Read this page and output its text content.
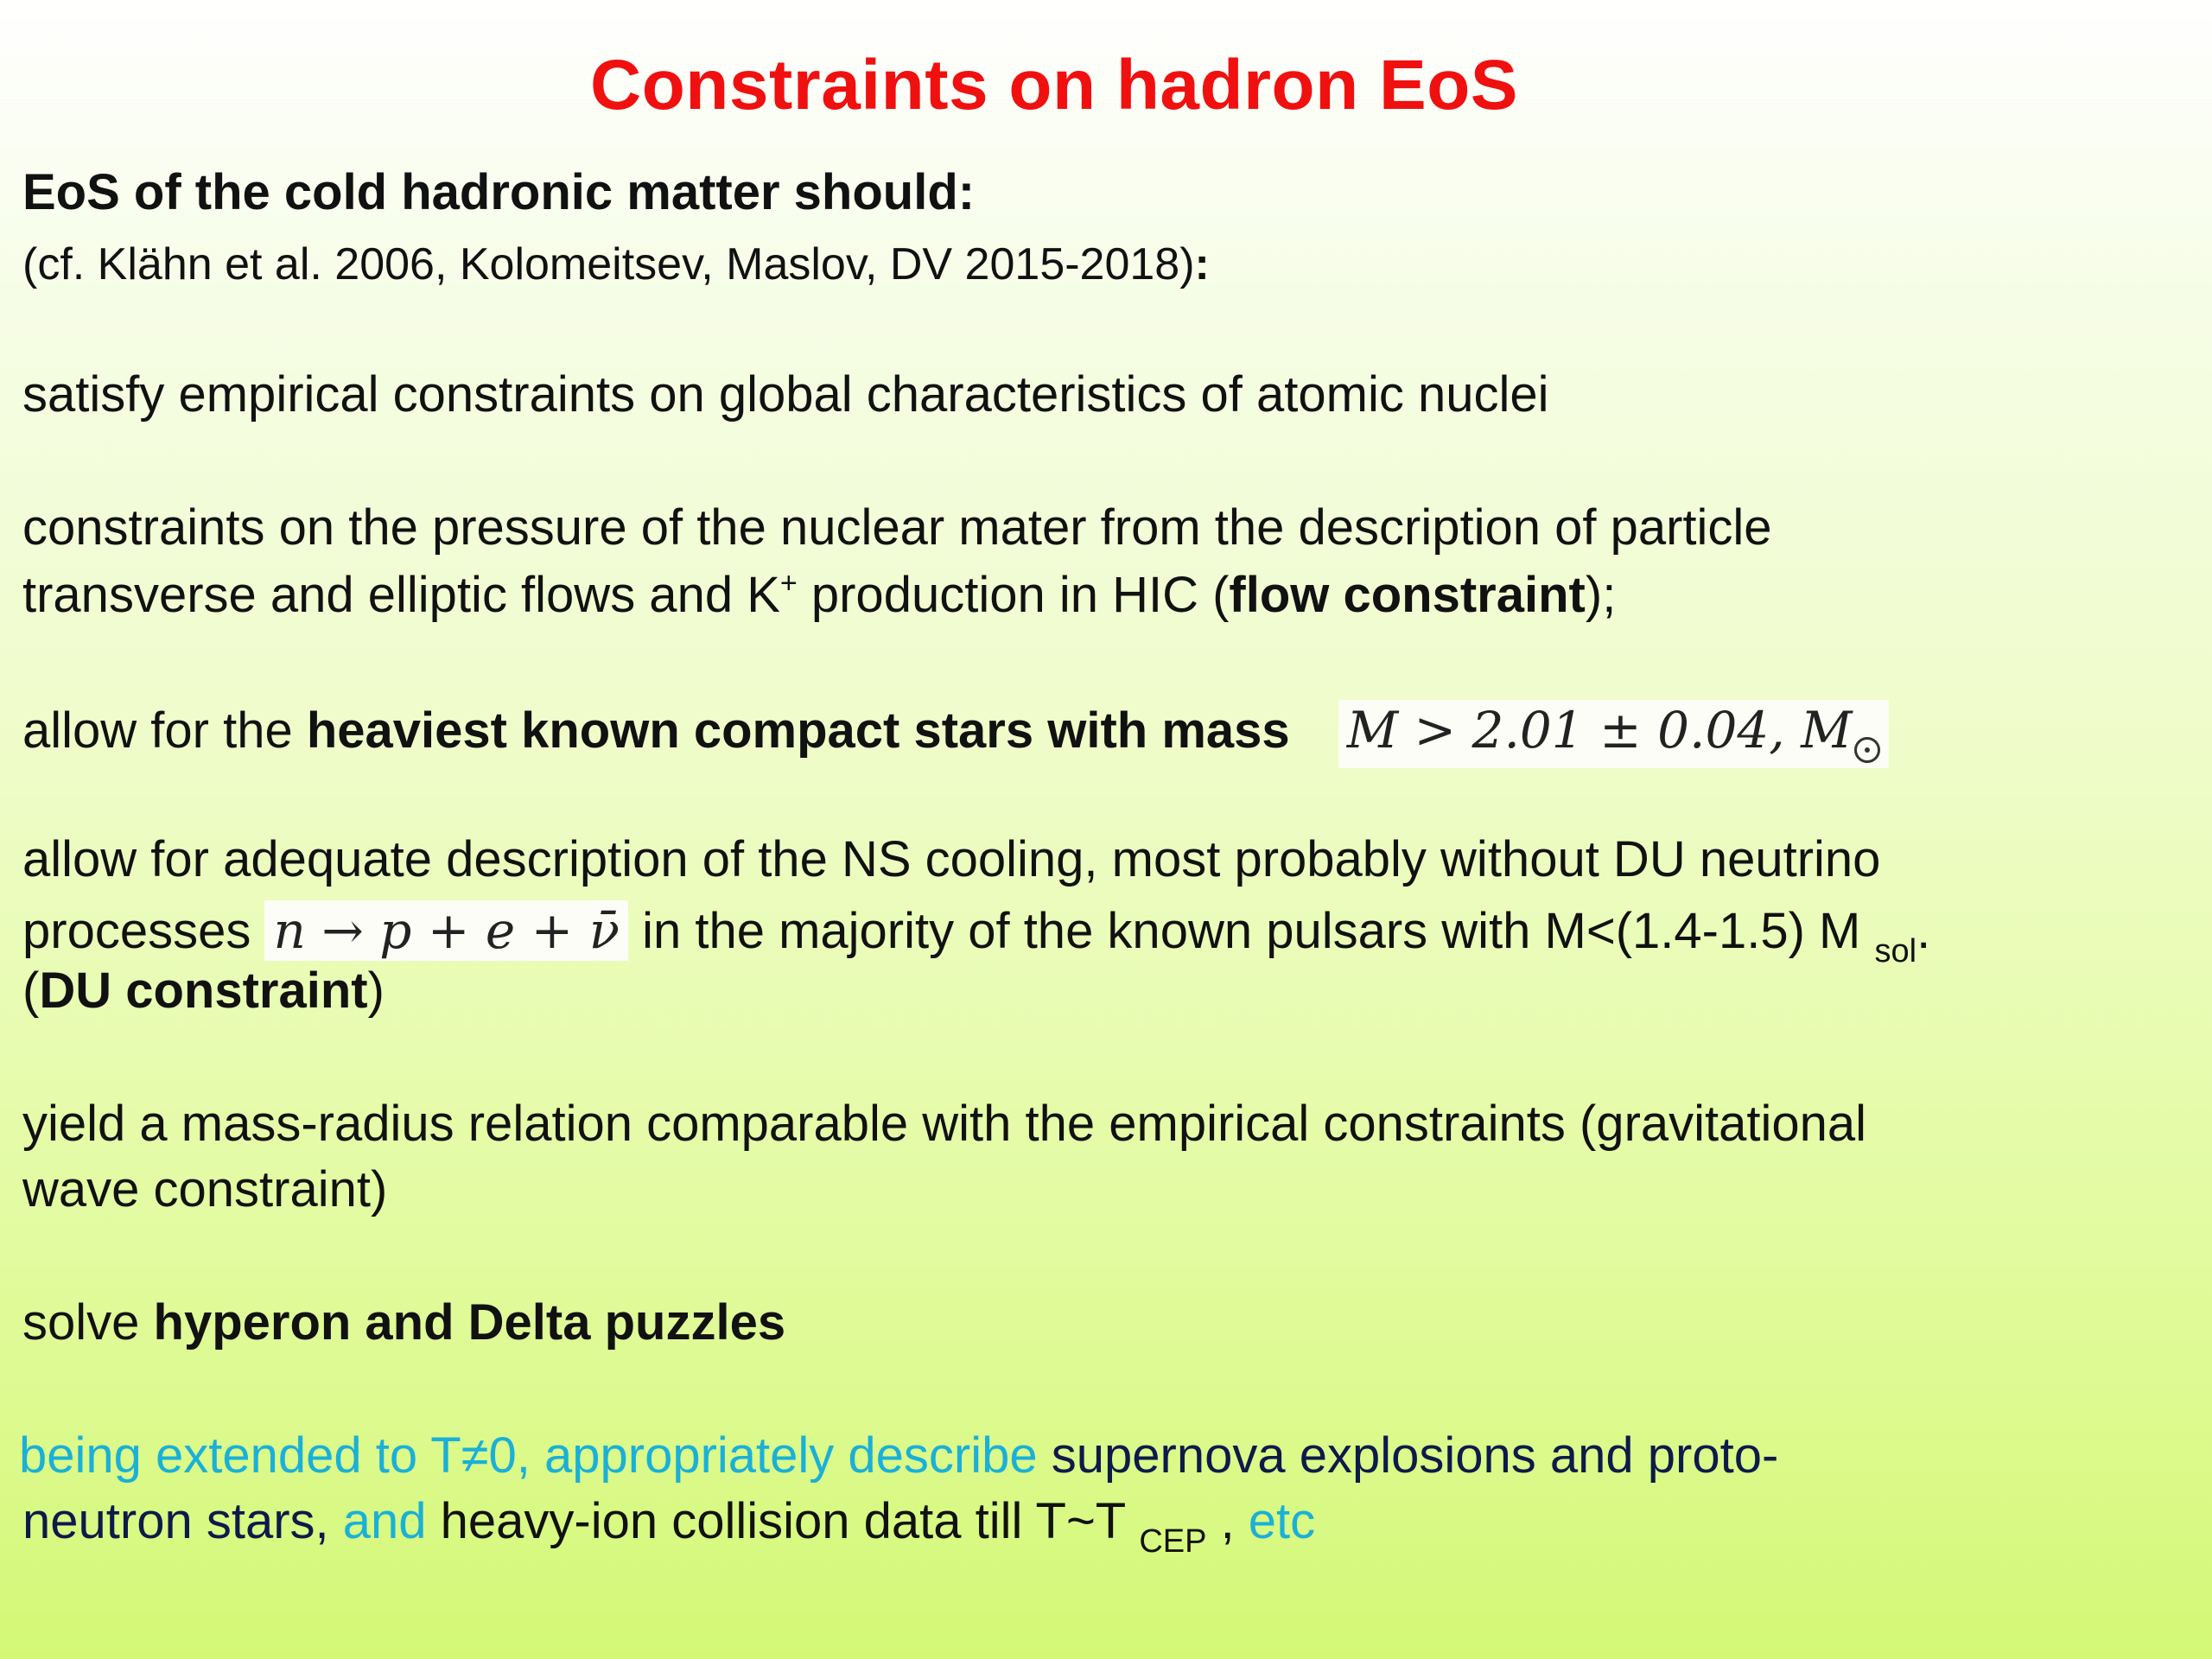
Constraints on hadron EoS
EoS of the cold hadronic matter should:
(cf. Klähn et al. 2006, Kolomeitsev, Maslov, DV 2015-2018):
satisfy empirical constraints on global characteristics of atomic nuclei
constraints on the pressure of the nuclear mater from the description of particle
transverse and elliptic flows and K+ production in HIC (flow constraint);
allow for the heaviest known compact stars with mass M > 2.01 ± 0.04, M
allow for adequate description of the NS cooling, most probably without DU neutrino
processes n → p + e + ν̄ in the majority of the known pulsars with M<(1.4-1.5) M $_{sol}$.
(DU constraint)
yield a mass-radius relation comparable with the empirical constraints (gravitational
wave constraint)
solve hyperon and Delta puzzles
being extended to T≠0, appropriately describe supernova explosions and proto-
neutron stars, and heavy-ion collision data till T~T $_{CEP}$ , etc
